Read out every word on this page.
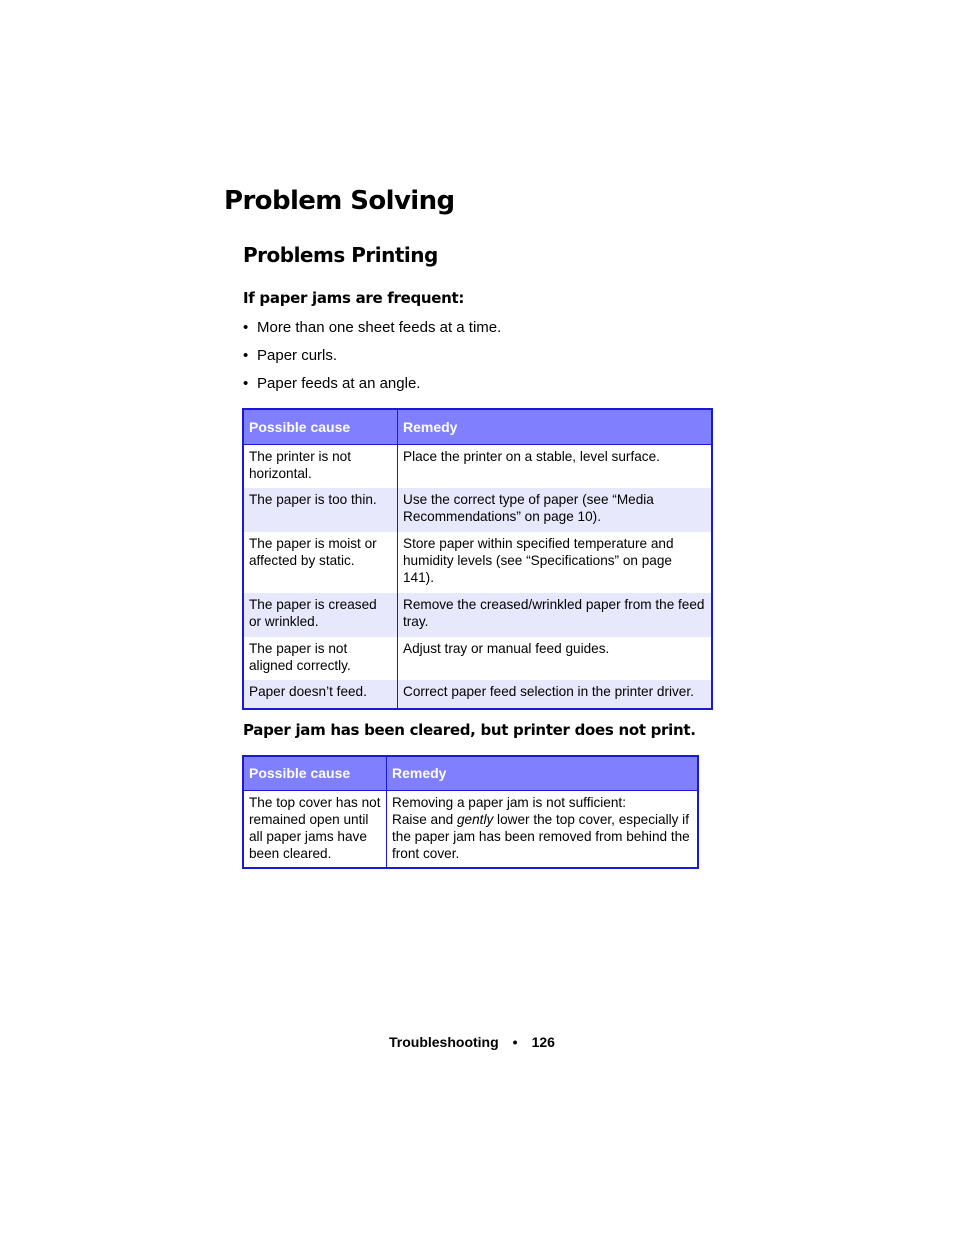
Problem Solving
Problems Printing
If paper jams are frequent:
• More than one sheet feeds at a time.
• Paper curls.
• Paper feeds at an angle.
Possible cause	Remedy
The printer is not horizontal.	Place the printer on a stable, level surface.
The paper is too thin.	Use the correct type of paper (see “Media Recommendations” on page 10).
The paper is moist or affected by static.	Store paper within specified temperature and humidity levels (see “Specifications” on page 141).
The paper is creased or wrinkled.	Remove the creased/wrinkled paper from the feed tray.
The paper is not aligned correctly.	Adjust tray or manual feed guides.
Paper doesn’t feed.	Correct paper feed selection in the printer driver.
Paper jam has been cleared, but printer does not print.
Possible cause	Remedy
The top cover has not remained open until all paper jams have been cleared.	Removing a paper jam is not sufficient:
Raise and gently lower the top cover, especially if the paper jam has been removed from behind the front cover.
Troubleshooting • 126
